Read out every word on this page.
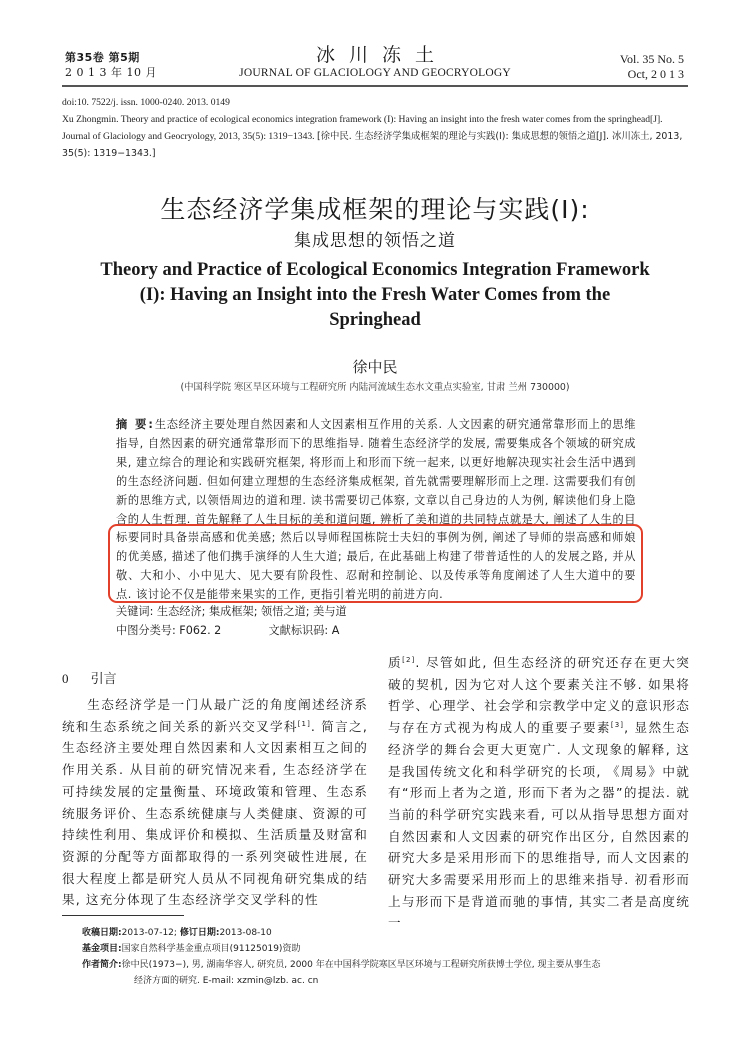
第35卷 第5期
2 0 1 3 年 10 月
冰川冻土
JOURNAL OF GLACIOLOGY AND GEOCRYOLOGY
Vol. 35 No. 5
Oct, 2 0 1 3
doi:10. 7522/j. issn. 1000-0240. 2013. 0149
Xu Zhongmin. Theory and practice of ecological economics integration framework (I): Having an insight into the fresh water comes from the springhead[J]. Journal of Glaciology and Geocryology, 2013, 35(5): 1319−1343. [徐中民. 生态经济学集成框架的理论与实践(I): 集成思想的领悟之道[J]. 冰川冻土, 2013, 35(5): 1319−1343.]
生态经济学集成框架的理论与实践(I):
集成思想的领悟之道
Theory and Practice of Ecological Economics Integration Framework (I): Having an Insight into the Fresh Water Comes from the Springhead
徐中民
(中国科学院 寒区旱区环境与工程研究所 内陆河流域生态水文重点实验室, 甘肃 兰州 730000)
摘 要:生态经济主要处理自然因素和人文因素相互作用的关系. 人文因素的研究通常靠形而上的思维指导, 自然因素的研究通常靠形而下的思维指导. 随着生态经济学的发展, 需要集成各个领域的研究成果, 建立综合的理论和实践研究框架, 将形而上和形而下统一起来, 以更好地解决现实社会生活中遇到的生态经济问题. 但如何建立理想的生态经济集成框架, 首先就需要理解形而上之理. 这需要我们有创新的思维方式, 以领悟周边的道和理. 读书需要切己体察, 文章以自己身边的人为例, 解读他们身上隐含的人生哲理. 首先解释了人生目标的美和道问题, 辨析了美和道的共同特点就是大, 阐述了人生的目标要同时具备崇高感和优美感; 然后以导师程国栋院士夫妇的事例为例, 阐述了导师的崇高感和师娘的优美感, 描述了他们携手演绎的人生大道; 最后, 在此基础上构建了带普适性的人的发展之路, 并从敬、大和小、小中见大、见大要有阶段性、忍耐和控制论、以及传承等角度阐述了人生大道中的要点. 该讨论不仅是能带来果实的工作, 更指引着光明的前进方向.
关键词: 生态经济; 集成框架; 领悟之道; 美与道
中图分类号: F062. 2	文献标识码: A
0 引言
生态经济学是一门从最广泛的角度阐述经济系统和生态系统之间关系的新兴交叉学科[1]. 简言之, 生态经济主要处理自然因素和人文因素相互之间的作用关系. 从目前的研究情况来看, 生态经济学在可持续发展的定量衡量、环境政策和管理、生态系统服务评价、生态系统健康与人类健康、资源的可持续性利用、集成评价和模拟、生活质量及财富和资源的分配等方面都取得的一系列突破性进展, 在很大程度上都是研究人员从不同视角研究集成的结果, 这充分体现了生态经济学交叉学科的性
质[2]. 尽管如此, 但生态经济的研究还存在更大突破的契机, 因为它对人这个要素关注不够. 如果将哲学、心理学、社会学和宗教学中定义的意识形态与存在方式视为构成人的重要子要素[3], 显然生态经济学的舞台会更大更宽广. 人文现象的解释, 这是我国传统文化和科学研究的长项, 《周易》中就有“形而上者为之道, 形而下者为之器”的提法. 就当前的科学研究实践来看, 可以从指导思想方面对自然因素和人文因素的研究作出区分, 自然因素的研究大多是采用形而下的思维指导, 而人文因素的研究大多需要采用形而上的思维来指导. 初看形而上与形而下是背道而驰的事情, 其实二者是高度统一
收稿日期:2013-07-12; 修订日期:2013-08-10
基金项目:国家自然科学基金重点项目(91125019)资助
作者简介:徐中民(1973−), 男, 湖南华容人, 研究员, 2000 年在中国科学院寒区旱区环境与工程研究所获博士学位, 现主要从事生态
经济方面的研究. E-mail: xzmin@lzb. ac. cn
